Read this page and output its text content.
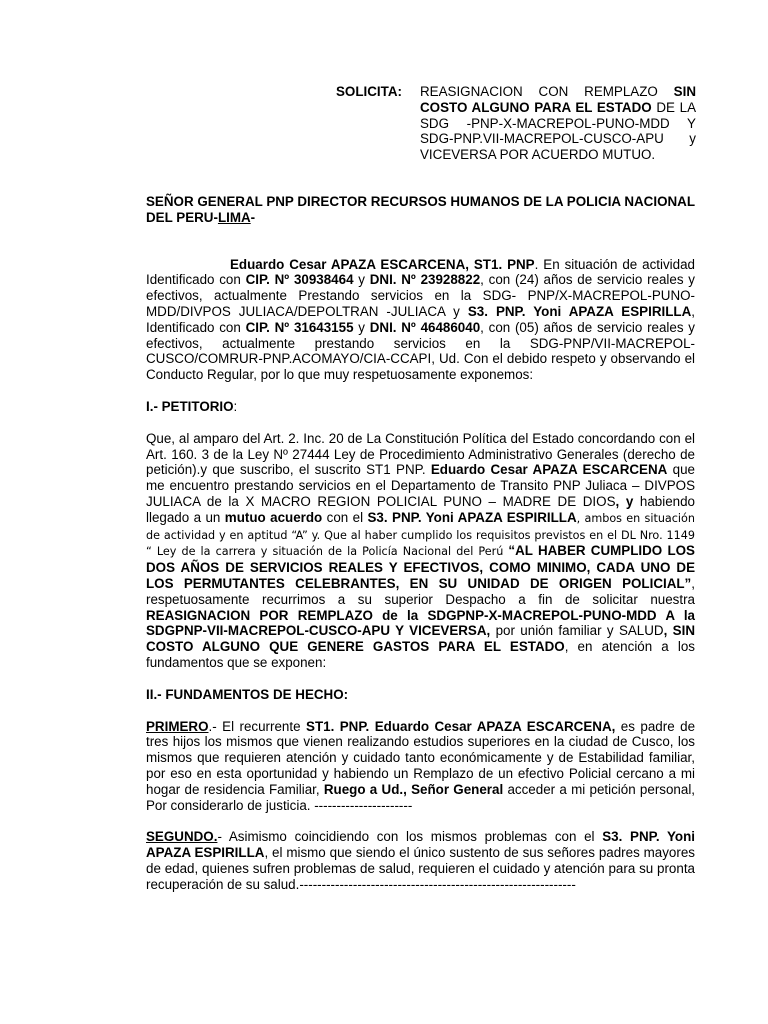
SOLICITA: REASIGNACION CON REMPLAZO SIN COSTO ALGUNO PARA EL ESTADO DE LA SDG -PNP-X-MACREPOL-PUNO-MDD Y SDG-PNP.VII-MACREPOL-CUSCO-APU y VICEVERSA POR ACUERDO MUTUO.

SEÑOR GENERAL PNP DIRECTOR RECURSOS HUMANOS DE LA POLICIA NACIONAL DEL PERU-LIMA-

Eduardo Cesar APAZA ESCARCENA, ST1. PNP. En situación de actividad Identificado con CIP. Nº 30938464 y DNI. Nº 23928822, con (24) años de servicio reales y efectivos, actualmente Prestando servicios en la SDG- PNP/X-MACREPOL-PUNO-MDD/DIVPOS JULIACA/DEPOLTRAN -JULIACA y S3. PNP. Yoni APAZA ESPIRILLA, Identificado con CIP. Nº 31643155 y DNI. Nº 46486040, con (05) años de servicio reales y efectivos, actualmente prestando servicios en la SDG-PNP/VII-MACREPOL-CUSCO/COMRUR-PNP.ACOMAYO/CIA-CCAPI, Ud. Con el debido respeto y observando el Conducto Regular, por lo que muy respetuosamente exponemos:

I.- PETITORIO:

Que, al amparo del Art. 2. Inc. 20 de La Constitución Política del Estado concordando con el Art. 160. 3 de la Ley Nº 27444 Ley de Procedimiento Administrativo Generales (derecho de petición).y que suscribo, el suscrito ST1 PNP. Eduardo Cesar APAZA ESCARCENA que me encuentro prestando servicios en el Departamento de Transito PNP Juliaca – DIVPOS JULIACA de la X MACRO REGION POLICIAL PUNO – MADRE DE DIOS, y habiendo llegado a un mutuo acuerdo con el S3. PNP. Yoni APAZA ESPIRILLA, ambos en situación de actividad y en aptitud “A” y. Que al haber cumplido los requisitos previstos en el DL Nro. 1149 “ Ley de la carrera y situación de la Policía Nacional del Perú “AL HABER CUMPLIDO LOS DOS AÑOS DE SERVICIOS REALES Y EFECTIVOS, COMO MINIMO, CADA UNO DE LOS PERMUTANTES CELEBRANTES, EN SU UNIDAD DE ORIGEN POLICIAL”, respetuosamente recurrimos a su superior Despacho a fin de solicitar nuestra REASIGNACION POR REMPLAZO de la SDGPNP-X-MACREPOL-PUNO-MDD A la SDGPNP-VII-MACREPOL-CUSCO-APU Y VICEVERSA, por unión familiar y SALUD, SIN COSTO ALGUNO QUE GENERE GASTOS PARA EL ESTADO, en atención a los fundamentos que se exponen:

II.- FUNDAMENTOS DE HECHO:

PRIMERO.- El recurrente ST1. PNP. Eduardo Cesar APAZA ESCARCENA, es padre de tres hijos los mismos que vienen realizando estudios superiores en la ciudad de Cusco, los mismos que requieren atención y cuidado tanto económicamente y de Estabilidad familiar, por eso en esta oportunidad y habiendo un Remplazo de un efectivo Policial cercano a mi hogar de residencia Familiar, Ruego a Ud., Señor General acceder a mi petición personal, Por considerarlo de justicia. ----------------------

SEGUNDO.- Asimismo coincidiendo con los mismos problemas con el S3. PNP. Yoni APAZA ESPIRILLA, el mismo que siendo el único sustento de sus señores padres mayores de edad, quienes sufren problemas de salud, requieren el cuidado y atención para su pronta recuperación de su salud.--------------------------------------------------------------
